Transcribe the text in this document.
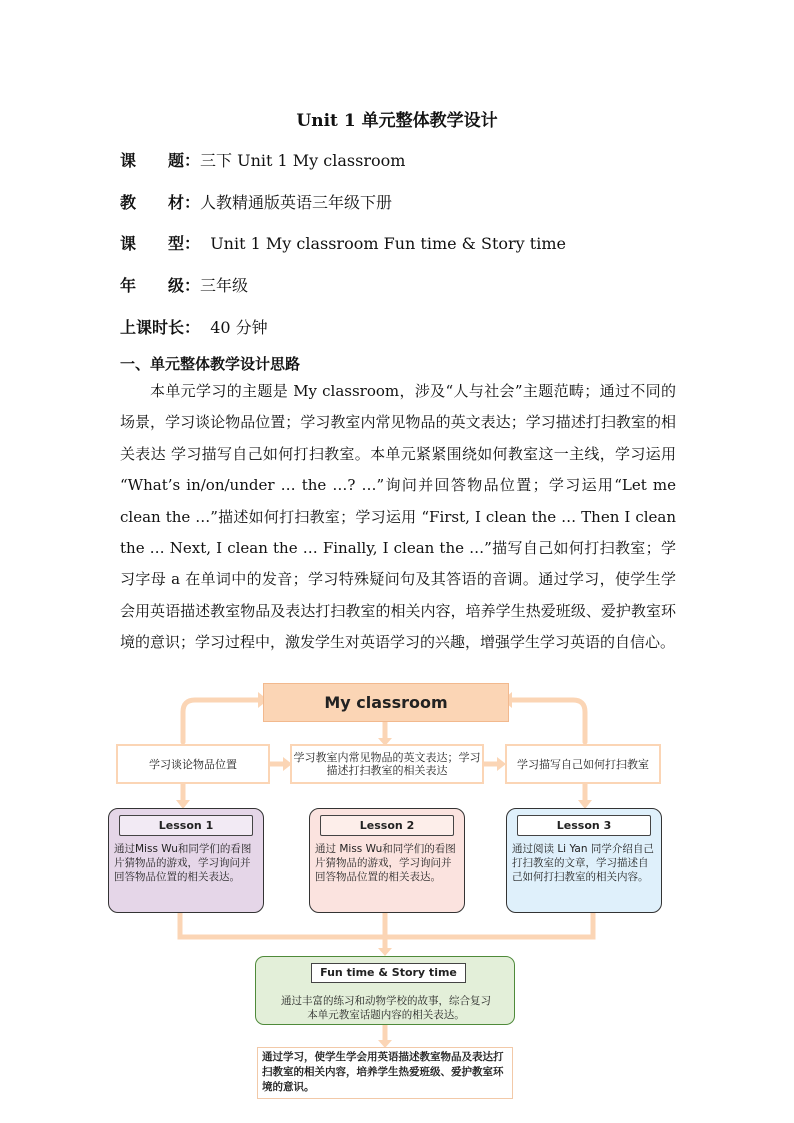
Unit 1 单元整体教学设计
课　　题：三下 Unit 1 My classroom
教　　材：人教精通版英语三年级下册
课　　型：  Unit 1 My classroom Fun time & Story time
年　　级：三年级
上课时长：  40 分钟
一、单元整体教学设计思路

本单元学习的主题是 My classroom，涉及“人与社会”主题范畴；通过不同的场景，学习谈论物品位置；学习教室内常见物品的英文表达；学习描述打扫教室的相关表达 学习描写自己如何打扫教室。本单元紧紧围绕如何教室这一主线，学习运用 “What’s in/on/under … the …? …”询问并回答物品位置；学习运用“Let me clean the …”描述如何打扫教室；学习运用 “First, I clean the … Then I clean the … Next, I clean the … Finally, I clean the …”描写自己如何打扫教室；学习字母 a 在单词中的发音；学习特殊疑问句及其答语的音调。通过学习，使学生学会用英语描述教室物品及表达打扫教室的相关内容，培养学生热爱班级、爱护教室环境的意识；学习过程中，激发学生对英语学习的兴趣，增强学生学习英语的自信心。

My classroom
学习谈论物品位置	学习教室内常见物品的英文表达；学习描述打扫教室的相关表达	学习描写自己如何打扫教室
Lesson 1
通过Miss Wu和同学们的看图片猜物品的游戏，学习询问并回答物品位置的相关表达。
Lesson 2
通过 Miss Wu和同学们的看图片猜物品的游戏，学习询问并回答物品位置的相关表达。
Lesson 3
通过阅读 Li Yan 同学介绍自己打扫教室的文章，学习描述自己如何打扫教室的相关内容。
Fun time & Story time
通过丰富的练习和动物学校的故事，综合复习本单元教室话题内容的相关表达。
通过学习，使学生学会用英语描述教室物品及表达打扫教室的相关内容，培养学生热爱班级、爱护教室环境的意识。
